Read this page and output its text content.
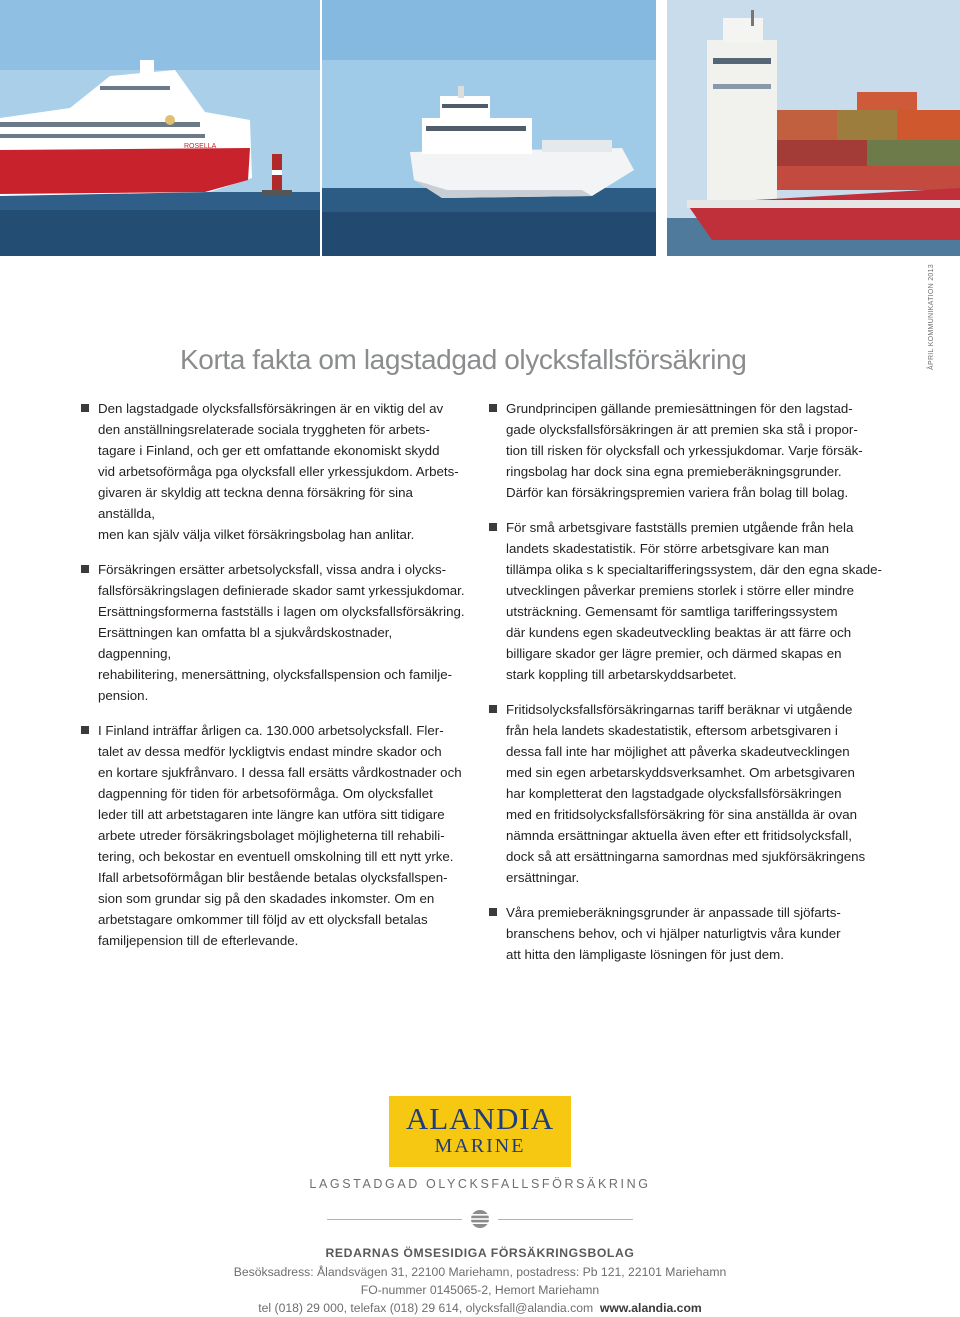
ROSELLA
ÅPRIL KOMMUNIKATION 2013
Korta fakta om lagstadgad olycksfallsförsäkring

Den lagstadgade olycksfallsförsäkringen är en viktig del av
den anställningsrelaterade sociala tryggheten för arbets-
tagare i Finland, och ger ett omfattande ekonomiskt skydd
vid arbetsoförmåga pga olycksfall eller yrkessjukdom. Arbets-
givaren är skyldig att teckna denna försäkring för sina anställda,
men kan själv välja vilket försäkringsbolag han anlitar.

Försäkringen ersätter arbetsolycksfall, vissa andra i olycks-
fallsförsäkringslagen definierade skador samt yrkessjukdomar.
Ersättningsformerna fastställs i lagen om olycksfallsförsäkring.
Ersättningen kan omfatta bl a sjukvårdskostnader, dagpenning,
rehabilitering, menersättning, olycksfallspension och familje-
pension.

I Finland inträffar årligen ca. 130.000 arbetsolycksfall. Fler-
talet av dessa medför lyckligtvis endast mindre skador och
en kortare sjukfrånvaro. I dessa fall ersätts vårdkostnader och
dagpenning för tiden för arbetsoförmåga. Om olycksfallet
leder till att arbetstagaren inte längre kan utföra sitt tidigare
arbete utreder försäkringsbolaget möjligheterna till rehabili-
tering, och bekostar en eventuell omskolning till ett nytt yrke.
Ifall arbetsoförmågan blir bestående betalas olycksfallspen-
sion som grundar sig på den skadades inkomster. Om en
arbetstagare omkommer till följd av ett olycksfall betalas
familjepension till de efterlevande.

Grundprincipen gällande premiesättningen för den lagstad-
gade olycksfallsförsäkringen är att premien ska stå i propor-
tion till risken för olycksfall och yrkessjukdomar. Varje försäk-
ringsbolag har dock sina egna premieberäkningsgrunder.
Därför kan försäkringspremien variera från bolag till bolag.

För små arbetsgivare fastställs premien utgående från hela
landets skadestatistik. För större arbetsgivare kan man
tillämpa olika s k specialtarifferingssystem, där den egna skade-
utvecklingen påverkar premiens storlek i större eller mindre
utsträckning. Gemensamt för samtliga tarifferingssystem
där kundens egen skadeutveckling beaktas är att färre och
billigare skador ger lägre premier, och därmed skapas en
stark koppling till arbetarskyddsarbetet.

Fritidsolycksfallsförsäkringarnas tariff beräknar vi utgående
från hela landets skadestatistik, eftersom arbetsgivaren i
dessa fall inte har möjlighet att påverka skadeutvecklingen
med sin egen arbetarskyddsverksamhet. Om arbetsgivaren
har kompletterat den lagstadgade olycksfallsförsäkringen
med en fritidsolycksfallsförsäkring för sina anställda är ovan
nämnda ersättningar aktuella även efter ett fritidsolycksfall,
dock så att ersättningarna samordnas med sjukförsäkringens
ersättningar.

Våra premieberäkningsgrunder är anpassade till sjöfarts-
branschens behov, och vi hjälper naturligtvis våra kunder
att hitta den lämpligaste lösningen för just dem.

ALANDIA
MARINE
LAGSTADGAD OLYCKSFALLSFÖRSÄKRING
REDARNAS ÖMSESIDIGA FÖRSÄKRINGSBOLAG
Besöksadress: Ålandsvägen 31, 22100 Mariehamn, postadress: Pb 121, 22101 Mariehamn
FO-nummer 0145065-2, Hemort Mariehamn
tel (018) 29 000, telefax (018) 29 614, olycksfall@alandia.com www.alandia.com
